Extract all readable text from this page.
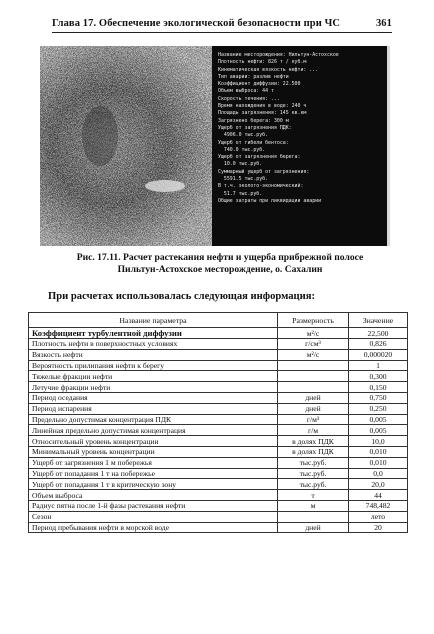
Глава 17. Обеспечение экологической безопасности при ЧС	361
Название месторождения: Нильтун-Астохское
Плотность нефти: 826 т / куб.м
Кинематическая вязкость нефти: ...
Тип аварии: разлив нефти
Коэффициент диффузии: 22.500
Объем выброса: 44 т
Скорость течения: ...
Время нахождения в воде: 240 ч
Площадь загрязнения: 145 кв.км
Загрязнено берега: 300 м
Ущерб от загрязнения ПДК:
4906.0 тыс.руб.
Ущерб от гибели бентоса:
740.0 тыс.руб.
Ущерб от загрязнения берега:
10.0 тыс.руб.
Суммарный ущерб от загрязнения:
5591.5 тыс.руб.
В т.ч. эколого-экономический:
51.7 тыс.руб.
Общие затраты при ликвидации аварии
Рис. 17.11. Расчет растекания нефти и ущерба прибрежной полосе
Пильтун-Астохское месторождение, о. Сахалин
При расчетах использовалась следующая информация:
Название параметра	Размерность	Значение
Коэффициент турбулентной диффузии	м²/с	22,500
Плотность нефти в поверхностных условиях	г/см³	0,826
Вязкость нефти	м²/с	0,000020
Вероятность прилипания нефти к берегу		1
Тяжелые фракции нефти		0,300
Летучие фракции нефти		0,150
Период оседания	дней	0,750
Период испарения	дней	0,250
Предельно допустимая концентрация ПДК	г/м³	0,005
Линейная предельно допустимая концентрация	г/м	0,005
Относительный уровень концентрации	в долях ПДК	10,0
Минимальный уровень концентрации	в долях ПДК	0,010
Ущерб от загрязнения 1 м побережья	тыс.руб.	0,010
Ущерб от попадания 1 т на побережье	тыс.руб.	0,0
Ущерб от попадания 1 т в критическую зону	тыс.руб.	20,0
Объем выброса	т	44
Радиус пятна после 1-й фазы растекания нефти	м	748,482
Сезон		лето
Период пребывания нефти в морской воде	дней	20
